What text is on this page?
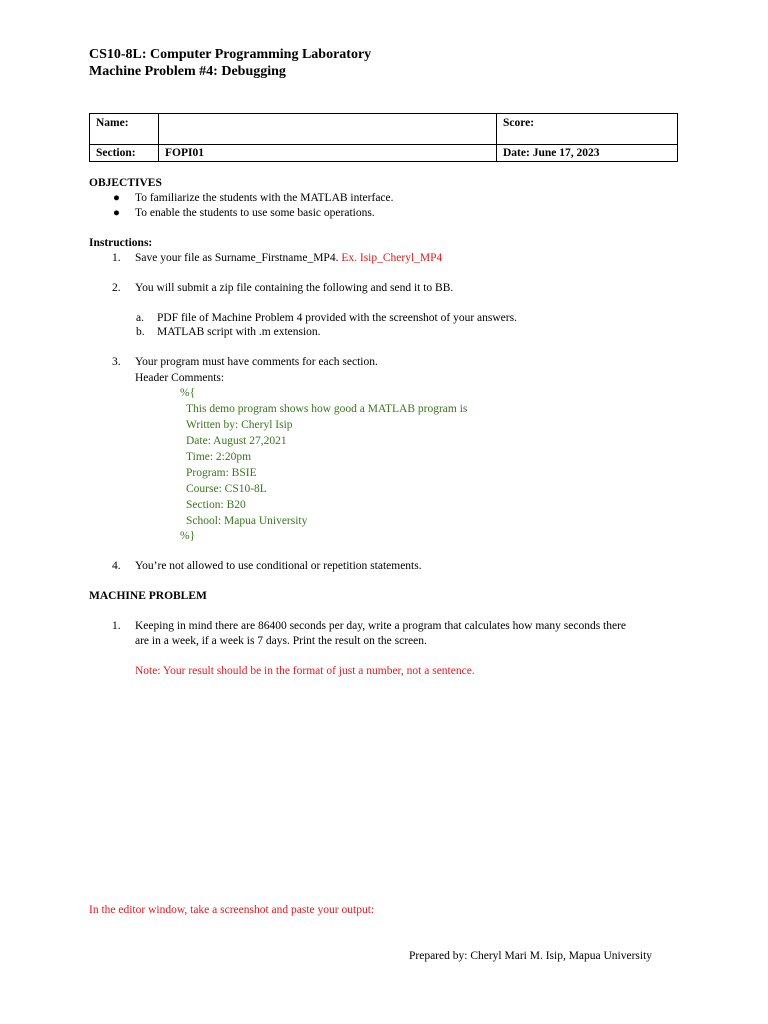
CS10-8L: Computer Programming Laboratory
Machine Problem #4: Debugging
Name:		Score:
Section:	FOPI01	Date: June 17, 2023
OBJECTIVES
● To familiarize the students with the MATLAB interface.
● To enable the students to use some basic operations.
Instructions:
1. Save your file as Surname_Firstname_MP4. Ex. Isip_Cheryl_MP4
2. You will submit a zip file containing the following and send it to BB.
a. PDF file of Machine Problem 4 provided with the screenshot of your answers.
b. MATLAB script with .m extension.
3. Your program must have comments for each section.
Header Comments:
%{
This demo program shows how good a MATLAB program is
Written by: Cheryl Isip
Date: August 27,2021
Time: 2:20pm
Program: BSIE
Course: CS10-8L
Section: B20
School: Mapua University
%}
4. You’re not allowed to use conditional or repetition statements.
MACHINE PROBLEM
1. Keeping in mind there are 86400 seconds per day, write a program that calculates how many seconds there
are in a week, if a week is 7 days. Print the result on the screen.
Note: Your result should be in the format of just a number, not a sentence.
In the editor window, take a screenshot and paste your output:
Prepared by: Cheryl Mari M. Isip, Mapua University
